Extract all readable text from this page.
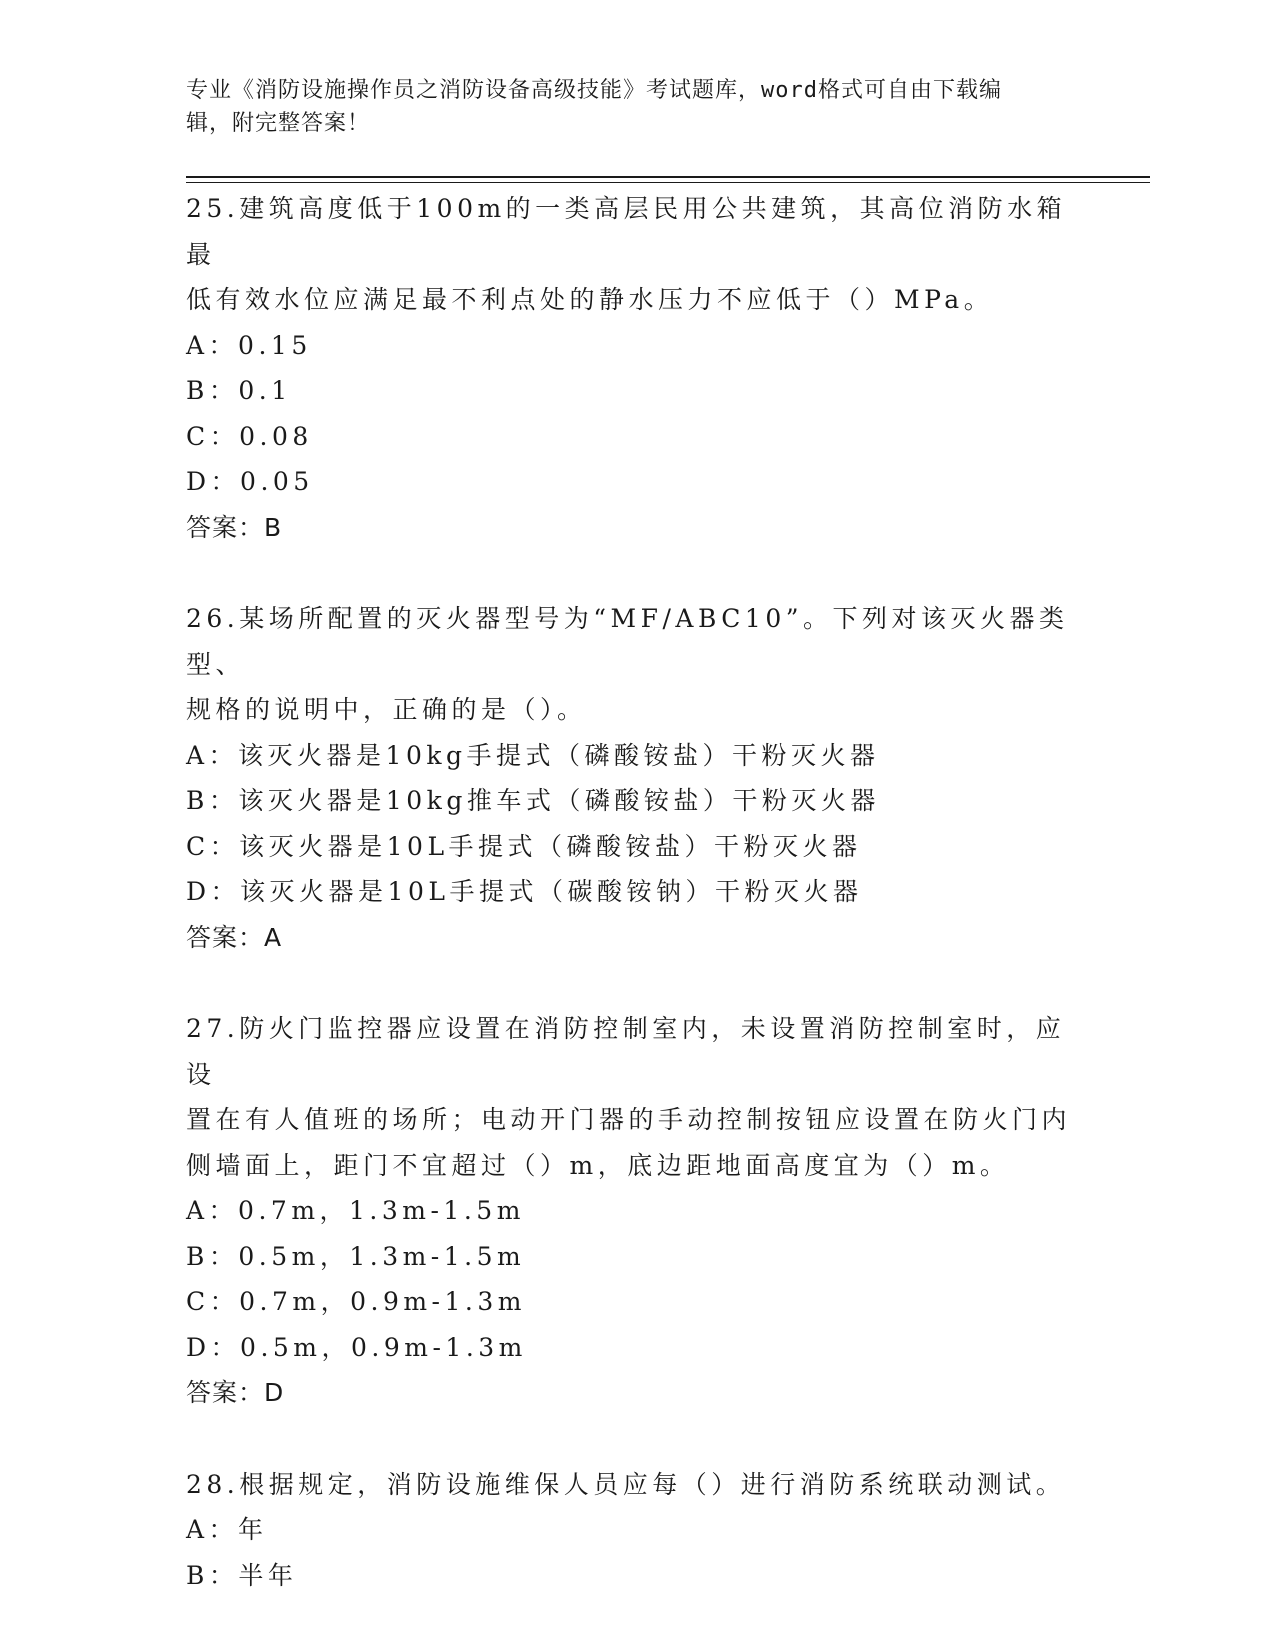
专业《消防设施操作员之消防设备高级技能》考试题库，word格式可自由下载编
辑，附完整答案！
25.建筑高度低于100m的一类高层民用公共建筑，其高位消防水箱最
低有效水位应满足最不利点处的静水压力不应低于（）MPa。
A：0.15
B：0.1
C：0.08
D：0.05
答案：B
26.某场所配置的灭火器型号为“MF/ABC10”。下列对该灭火器类型、
规格的说明中，正确的是（）。
A：该灭火器是10kg手提式（磷酸铵盐）干粉灭火器
B：该灭火器是10kg推车式（磷酸铵盐）干粉灭火器
C：该灭火器是10L手提式（磷酸铵盐）干粉灭火器
D：该灭火器是10L手提式（碳酸铵钠）干粉灭火器
答案：A
27.防火门监控器应设置在消防控制室内，未设置消防控制室时，应设
置在有人值班的场所；电动开门器的手动控制按钮应设置在防火门内
侧墙面上，距门不宜超过（）m，底边距地面高度宜为（）m。
A：0.7m，1.3m-1.5m
B：0.5m，1.3m-1.5m
C：0.7m，0.9m-1.3m
D：0.5m，0.9m-1.3m
答案：D
28.根据规定，消防设施维保人员应每（）进行消防系统联动测试。
A：年
B：半年
